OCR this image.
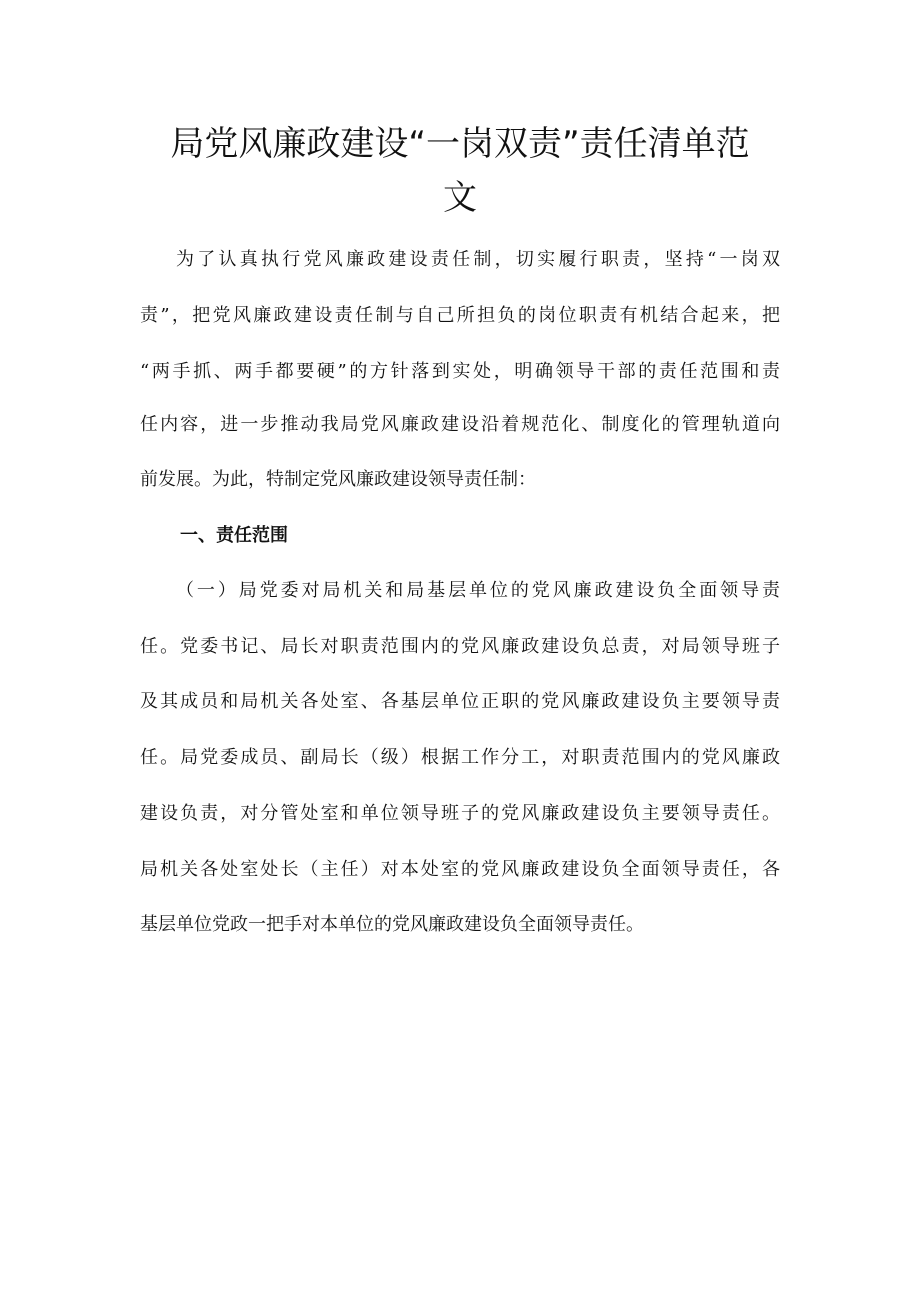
局党风廉政建设“一岗双责”责任清单范
文
为了认真执行党风廉政建设责任制，切实履行职责，坚持“一岗双
责”，把党风廉政建设责任制与自己所担负的岗位职责有机结合起来，把
“两手抓、两手都要硬”的方针落到实处，明确领导干部的责任范围和责
任内容，进一步推动我局党风廉政建设沿着规范化、制度化的管理轨道向
前发展。为此，特制定党风廉政建设领导责任制：
一、责任范围
（一）局党委对局机关和局基层单位的党风廉政建设负全面领导责
任。党委书记、局长对职责范围内的党风廉政建设负总责，对局领导班子
及其成员和局机关各处室、各基层单位正职的党风廉政建设负主要领导责
任。局党委成员、副局长（级）根据工作分工，对职责范围内的党风廉政
建设负责，对分管处室和单位领导班子的党风廉政建设负主要领导责任。
局机关各处室处长（主任）对本处室的党风廉政建设负全面领导责任，各
基层单位党政一把手对本单位的党风廉政建设负全面领导责任。
